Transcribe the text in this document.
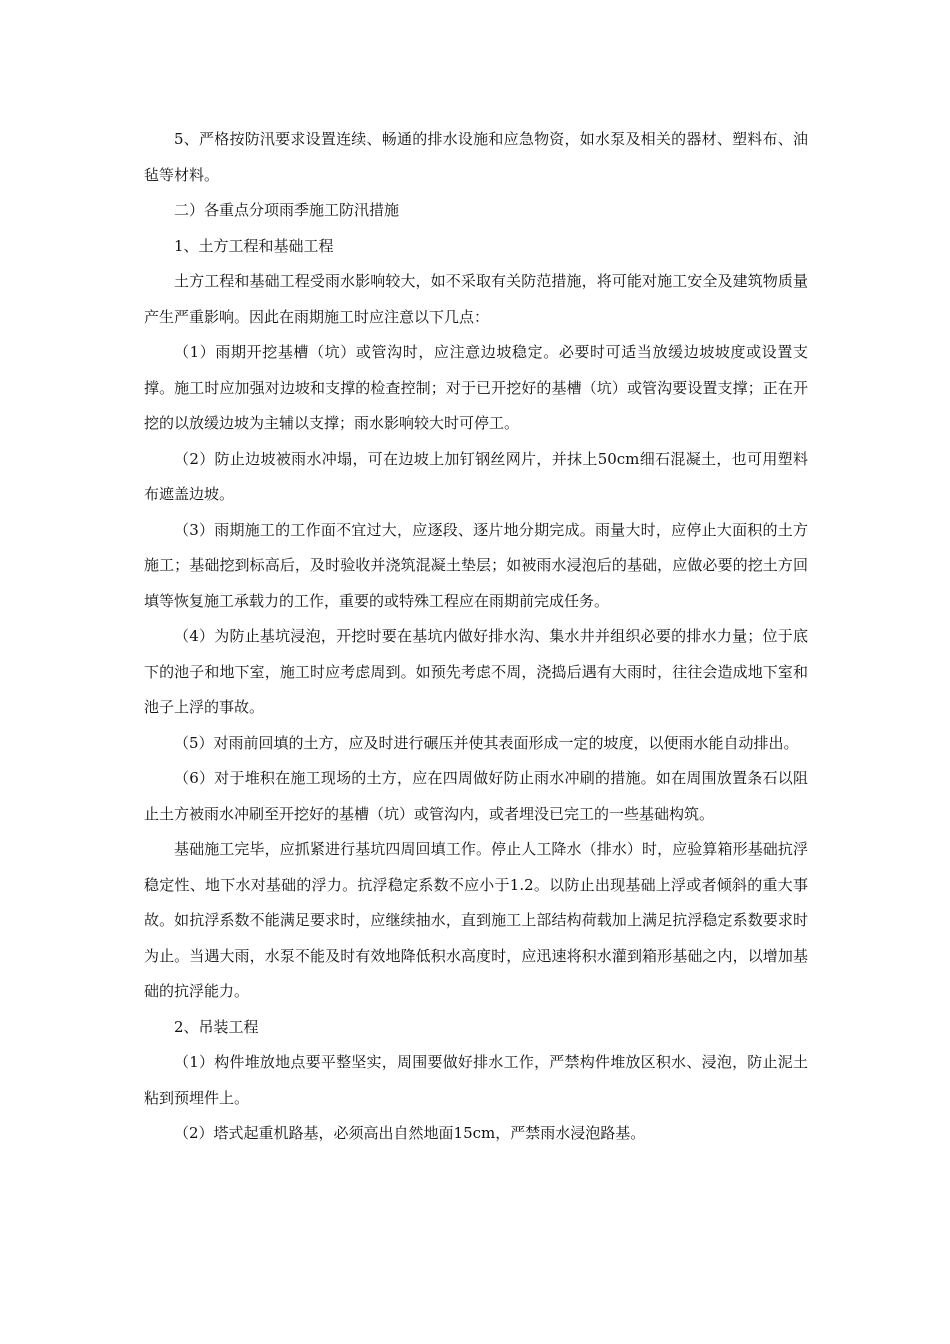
5、严格按防汛要求设置连续、畅通的排水设施和应急物资，如水泵及相关的器材、塑料布、油毡等材料。

二）各重点分项雨季施工防汛措施

1、土方工程和基础工程

土方工程和基础工程受雨水影响较大，如不采取有关防范措施，将可能对施工安全及建筑物质量产生严重影响。因此在雨期施工时应注意以下几点：

（1）雨期开挖基槽（坑）或管沟时，应注意边坡稳定。必要时可适当放缓边坡坡度或设置支撑。施工时应加强对边坡和支撑的检查控制；对于已开挖好的基槽（坑）或管沟要设置支撑；正在开挖的以放缓边坡为主辅以支撑；雨水影响较大时可停工。

（2）防止边坡被雨水冲塌，可在边坡上加钉钢丝网片，并抹上50cm细石混凝土，也可用塑料布遮盖边坡。

（3）雨期施工的工作面不宜过大，应逐段、逐片地分期完成。雨量大时，应停止大面积的土方施工；基础挖到标高后，及时验收并浇筑混凝土垫层；如被雨水浸泡后的基础，应做必要的挖土方回填等恢复施工承载力的工作，重要的或特殊工程应在雨期前完成任务。

（4）为防止基坑浸泡，开挖时要在基坑内做好排水沟、集水井并组织必要的排水力量；位于底下的池子和地下室，施工时应考虑周到。如预先考虑不周，浇捣后遇有大雨时，往往会造成地下室和池子上浮的事故。

（5）对雨前回填的土方，应及时进行碾压并使其表面形成一定的坡度，以便雨水能自动排出。

（6）对于堆积在施工现场的土方，应在四周做好防止雨水冲刷的措施。如在周围放置条石以阻止土方被雨水冲刷至开挖好的基槽（坑）或管沟内，或者埋没已完工的一些基础构筑。

基础施工完毕，应抓紧进行基坑四周回填工作。停止人工降水（排水）时，应验算箱形基础抗浮稳定性、地下水对基础的浮力。抗浮稳定系数不应小于1.2。以防止出现基础上浮或者倾斜的重大事故。如抗浮系数不能满足要求时，应继续抽水，直到施工上部结构荷载加上满足抗浮稳定系数要求时为止。当遇大雨，水泵不能及时有效地降低积水高度时，应迅速将积水灌到箱形基础之内，以增加基础的抗浮能力。

2、吊装工程

（1）构件堆放地点要平整坚实，周围要做好排水工作，严禁构件堆放区积水、浸泡，防止泥土粘到预埋件上。

（2）塔式起重机路基，必须高出自然地面15cm，严禁雨水浸泡路基。
